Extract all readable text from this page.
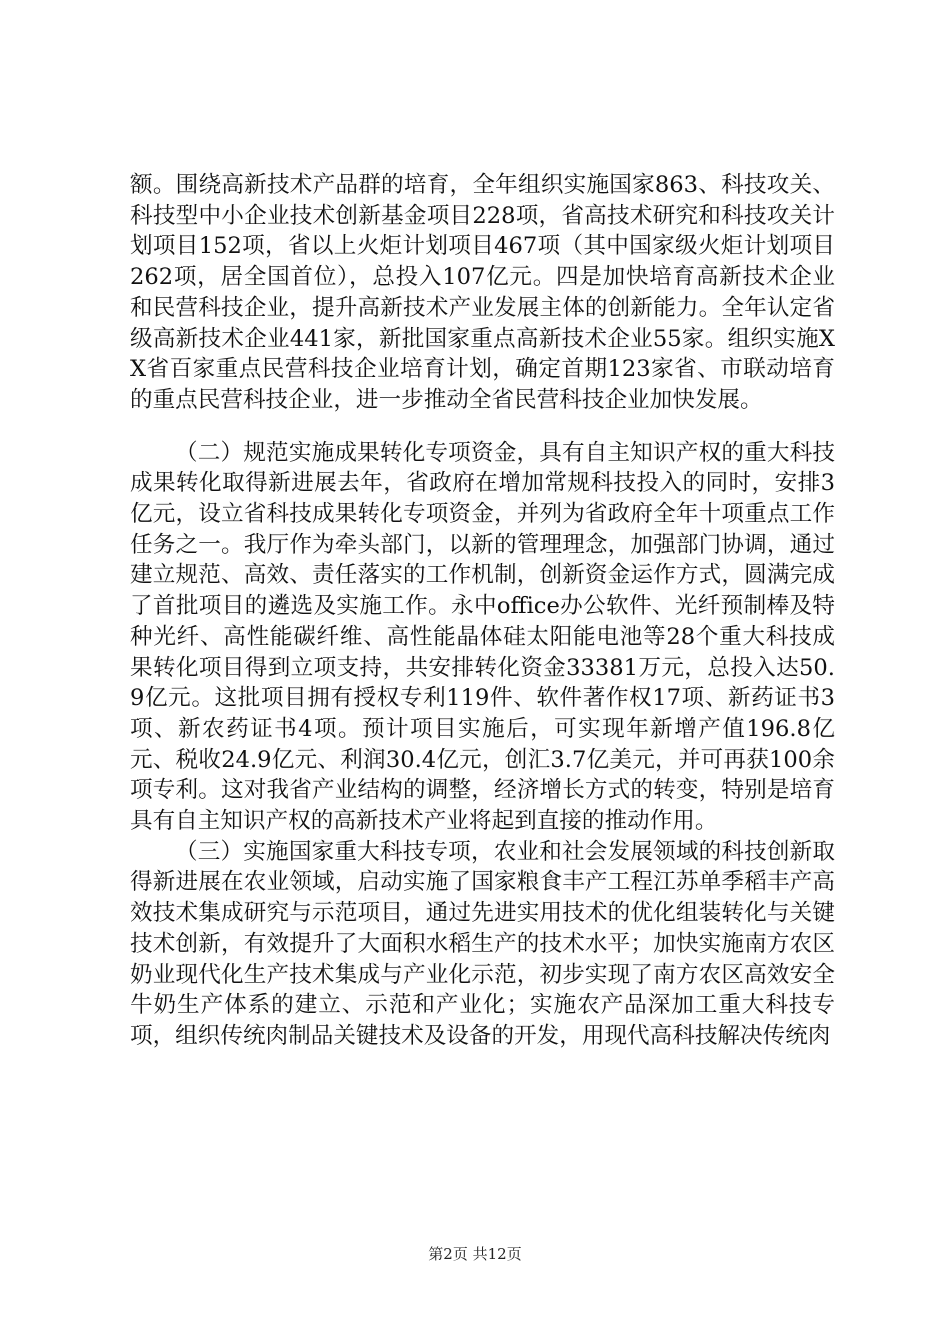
额。围绕高新技术产品群的培育，全年组织实施国家863、科技攻关、科技型中小企业技术创新基金项目228项，省高技术研究和科技攻关计划项目152项，省以上火炬计划项目467项（其中国家级火炬计划项目262项，居全国首位），总投入107亿元。四是加快培育高新技术企业和民营科技企业，提升高新技术产业发展主体的创新能力。全年认定省级高新技术企业441家，新批国家重点高新技术企业55家。组织实施XX省百家重点民营科技企业培育计划，确定首期123家省、市联动培育的重点民营科技企业，进一步推动全省民营科技企业加快发展。

（二）规范实施成果转化专项资金，具有自主知识产权的重大科技成果转化取得新进展去年，省政府在增加常规科技投入的同时，安排3亿元，设立省科技成果转化专项资金，并列为省政府全年十项重点工作任务之一。我厅作为牵头部门，以新的管理理念，加强部门协调，通过建立规范、高效、责任落实的工作机制，创新资金运作方式，圆满完成了首批项目的遴选及实施工作。永中office办公软件、光纤预制棒及特种光纤、高性能碳纤维、高性能晶体硅太阳能电池等28个重大科技成果转化项目得到立项支持，共安排转化资金33381万元，总投入达50.9亿元。这批项目拥有授权专利119件、软件著作权17项、新药证书3项、新农药证书4项。预计项目实施后，可实现年新增产值196.8亿元、税收24.9亿元、利润30.4亿元，创汇3.7亿美元，并可再获100余项专利。这对我省产业结构的调整，经济增长方式的转变，特别是培育具有自主知识产权的高新技术产业将起到直接的推动作用。

（三）实施国家重大科技专项，农业和社会发展领域的科技创新取得新进展在农业领域，启动实施了国家粮食丰产工程江苏单季稻丰产高效技术集成研究与示范项目，通过先进实用技术的优化组装转化与关键技术创新，有效提升了大面积水稻生产的技术水平；加快实施南方农区奶业现代化生产技术集成与产业化示范，初步实现了南方农区高效安全牛奶生产体系的建立、示范和产业化；实施农产品深加工重大科技专项，组织传统肉制品关键技术及设备的开发，用现代高科技解决传统肉

第2页 共12页
